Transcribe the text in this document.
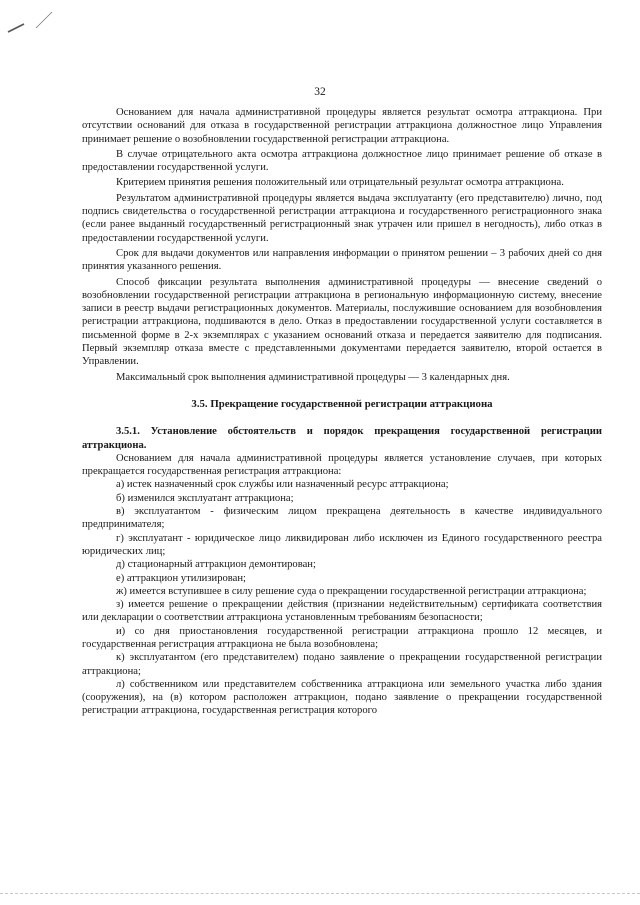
32

Основанием для начала административной процедуры является результат осмотра аттракциона. При отсутствии оснований для отказа в государственной регистрации аттракциона должностное лицо Управления принимает решение о возобновлении государственной регистрации аттракциона.

В случае отрицательного акта осмотра аттракциона должностное лицо принимает решение об отказе в предоставлении государственной услуги.

Критерием принятия решения положительный или отрицательный результат осмотра аттракциона.

Результатом административной процедуры является выдача эксплуатанту (его представителю) лично, под подпись свидетельства о государственной регистрации аттракциона и государственного регистрационного знака (если ранее выданный государственный регистрационный знак утрачен или пришел в негодность), либо отказ в предоставлении государственной услуги.

Срок для выдачи документов или направления информации о принятом решении – 3 рабочих дней со дня принятия указанного решения.

Способ фиксации результата выполнения административной процедуры — внесение сведений о возобновлении государственной регистрации аттракциона в региональную информационную систему, внесение записи в реестр выдачи регистрационных документов. Материалы, послужившие основанием для возобновления регистрации аттракциона, подшиваются в дело. Отказ в предоставлении государственной услуги составляется в письменной форме в 2-х экземплярах с указанием оснований отказа и передается заявителю для подписания. Первый экземпляр отказа вместе с представленными документами передается заявителю, второй остается в Управлении.

Максимальный срок выполнения административной процедуры — 3 календарных дня.

3.5. Прекращение государственной регистрации аттракциона

3.5.1. Установление обстоятельств и порядок прекращения государственной регистрации аттракциона.

Основанием для начала административной процедуры является установление случаев, при которых прекращается государственная регистрация аттракциона:

а) истек назначенный срок службы или назначенный ресурс аттракциона;

б) изменился эксплуатант аттракциона;

в) эксплуатантом - физическим лицом прекращена деятельность в качестве индивидуального предпринимателя;

г) эксплуатант - юридическое лицо ликвидирован либо исключен из Единого государственного реестра юридических лиц;

д) стационарный аттракцион демонтирован;

е) аттракцион утилизирован;

ж) имеется вступившее в силу решение суда о прекращении государственной регистрации аттракциона;

з) имеется решение о прекращении действия (признании недействительным) сертификата соответствия или декларации о соответствии аттракциона установленным требованиям безопасности;

и) со дня приостановления государственной регистрации аттракциона прошло 12 месяцев, и государственная регистрация аттракциона не была возобновлена;

к) эксплуатантом (его представителем) подано заявление о прекращении государственной регистрации аттракциона;

л) собственником или представителем собственника аттракциона или земельного участка либо здания (сооружения), на (в) котором расположен аттракцион, подано заявление о прекращении государственной регистрации аттракциона, государственная регистрация которого
